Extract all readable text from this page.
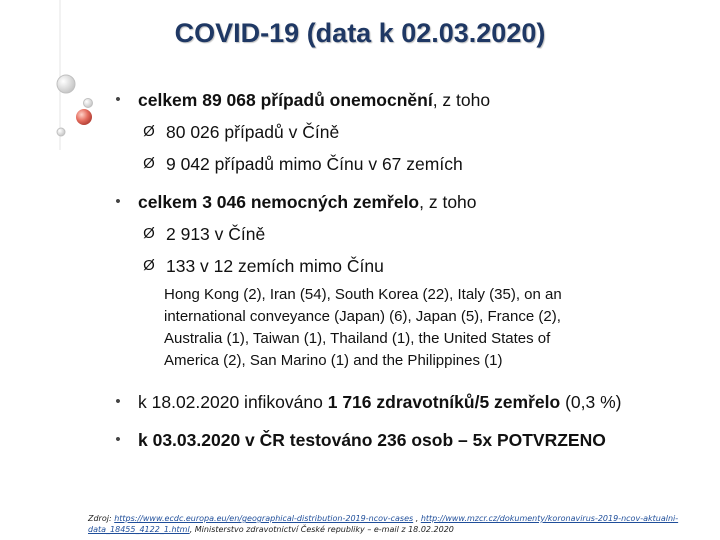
COVID-19 (data k 02.03.2020)
• celkem 89 068 případů onemocnění, z toho
Ø 80 026 případů v Číně
Ø 9 042 případů mimo Čínu v 67 zemích
• celkem 3 046 nemocných zemřelo, z toho
Ø 2 913 v Číně
Ø 133 v 12 zemích mimo Čínu
Hong Kong (2), Iran (54), South Korea (22), Italy (35), on an
international conveyance (Japan) (6), Japan (5), France (2),
Australia (1), Taiwan (1), Thailand (1), the United States of
America (2), San Marino (1) and the Philippines (1)
• k 18.02.2020 infikováno 1 716 zdravotníků/5 zemřelo (0,3 %)
• k 03.03.2020 v ČR testováno 236 osob – 5x POTVRZENO
Zdroj: https://www.ecdc.europa.eu/en/geographical-distribution-2019-ncov-cases , http://www.mzcr.cz/dokumenty/koronavirus-2019-ncov-aktualni-data_18455_4122_1.html, Ministerstvo zdravotnictví České republiky – e-mail z 18.02.2020
